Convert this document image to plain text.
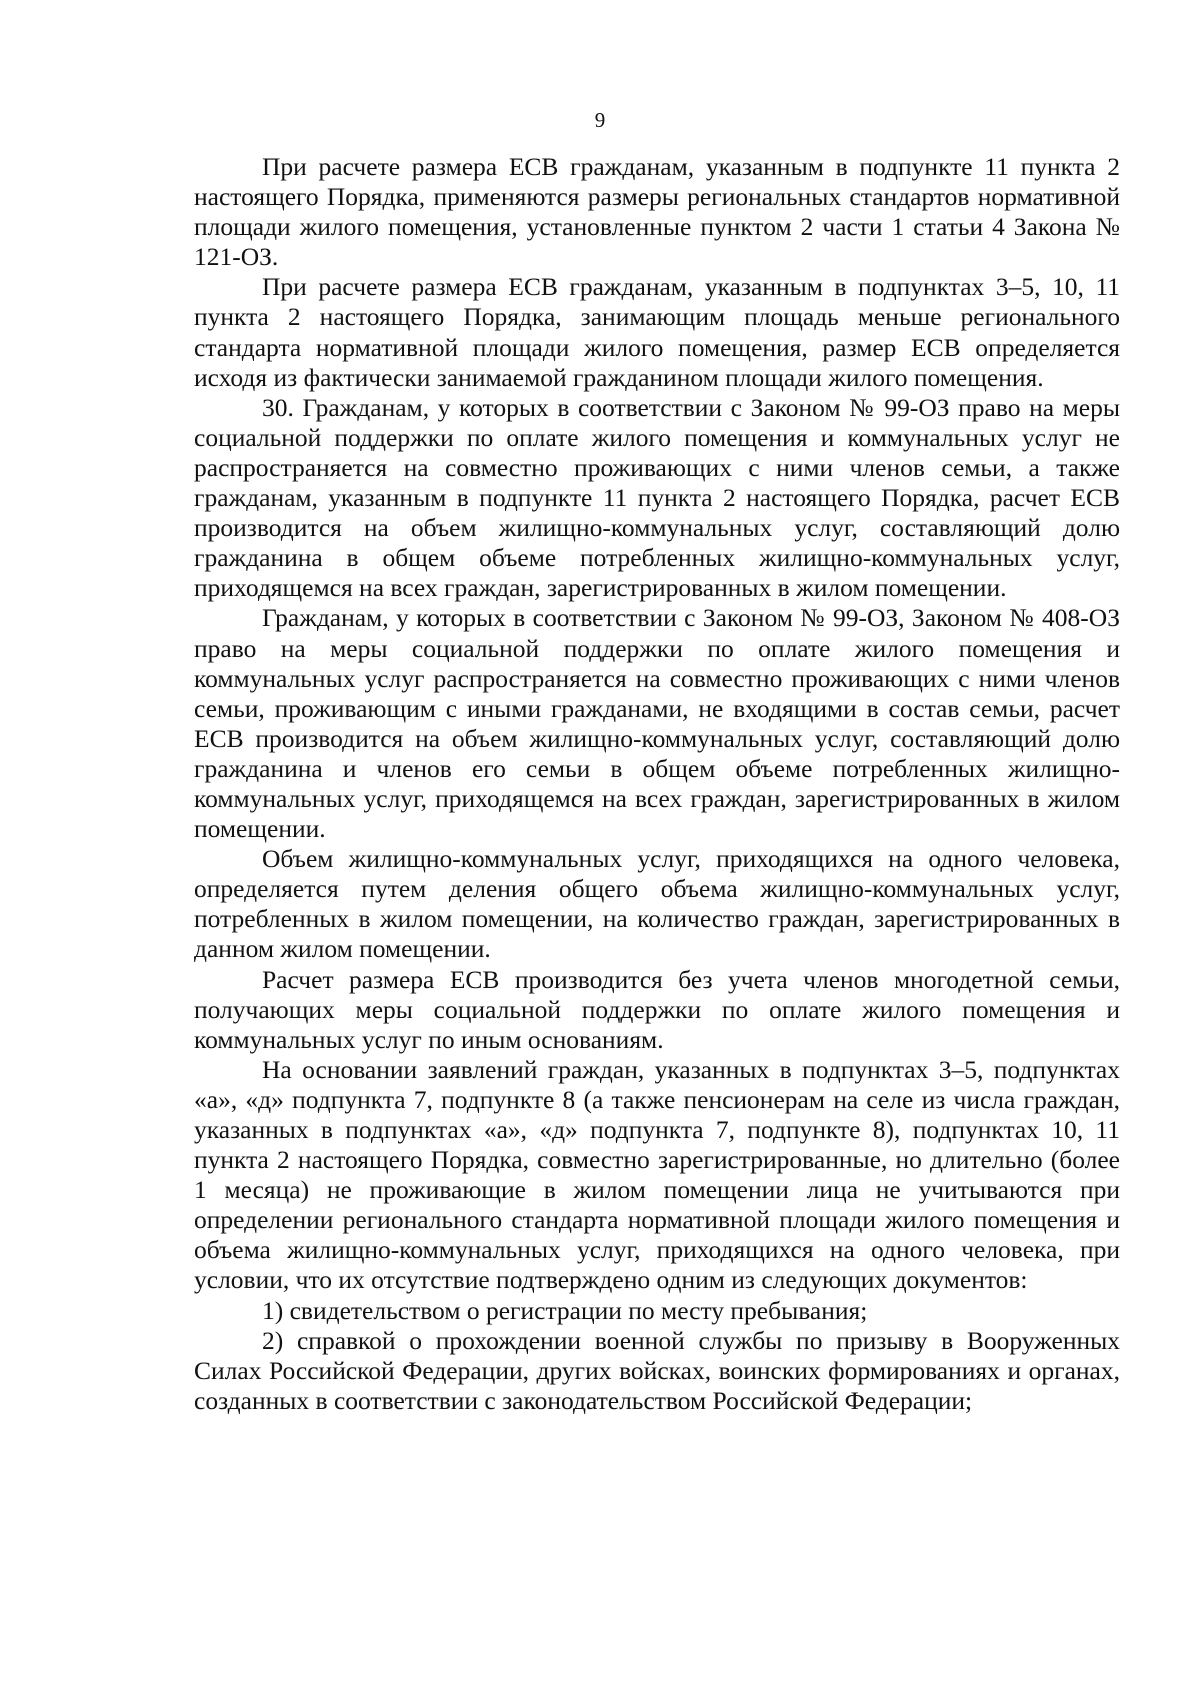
9

При расчете размера ЕСВ гражданам, указанным в подпункте 11 пункта 2 настоящего Порядка, применяются размеры региональных стандартов нормативной площади жилого помещения, установленные пунктом 2 части 1 статьи 4 Закона № 121-ОЗ.

При расчете размера ЕСВ гражданам, указанным в подпунктах 3–5, 10, 11 пункта 2 настоящего Порядка, занимающим площадь меньше регионального стандарта нормативной площади жилого помещения, размер ЕСВ определяется исходя из фактически занимаемой гражданином площади жилого помещения.

30. Гражданам, у которых в соответствии с Законом № 99-ОЗ право на меры социальной поддержки по оплате жилого помещения и коммунальных услуг не распространяется на совместно проживающих с ними членов семьи, а также гражданам, указанным в подпункте 11 пункта 2 настоящего Порядка, расчет ЕСВ производится на объем жилищно-коммунальных услуг, составляющий долю гражданина в общем объеме потребленных жилищно-коммунальных услуг, приходящемся на всех граждан, зарегистрированных в жилом помещении.

Гражданам, у которых в соответствии с Законом № 99-ОЗ, Законом № 408-ОЗ право на меры социальной поддержки по оплате жилого помещения и коммунальных услуг распространяется на совместно проживающих с ними членов семьи, проживающим с иными гражданами, не входящими в состав семьи, расчет ЕСВ производится на объем жилищно-коммунальных услуг, составляющий долю гражданина и членов его семьи в общем объеме потребленных жилищно-коммунальных услуг, приходящемся на всех граждан, зарегистрированных в жилом помещении.

Объем жилищно-коммунальных услуг, приходящихся на одного человека, определяется путем деления общего объема жилищно-коммунальных услуг, потребленных в жилом помещении, на количество граждан, зарегистрированных в данном жилом помещении.

Расчет размера ЕСВ производится без учета членов многодетной семьи, получающих меры социальной поддержки по оплате жилого помещения и коммунальных услуг по иным основаниям.

На основании заявлений граждан, указанных в подпунктах 3–5, подпунктах «а», «д» подпункта 7, подпункте 8 (а также пенсионерам на селе из числа граждан, указанных в подпунктах «а», «д» подпункта 7, подпункте 8), подпунктах 10, 11 пункта 2 настоящего Порядка, совместно зарегистрированные, но длительно (более 1 месяца) не проживающие в жилом помещении лица не учитываются при определении регионального стандарта нормативной площади жилого помещения и объема жилищно-коммунальных услуг, приходящихся на одного человека, при условии, что их отсутствие подтверждено одним из следующих документов:

1) свидетельством о регистрации по месту пребывания;

2) справкой о прохождении военной службы по призыву в Вооруженных Силах Российской Федерации, других войсках, воинских формированиях и органах, созданных в соответствии с законодательством Российской Федерации;
